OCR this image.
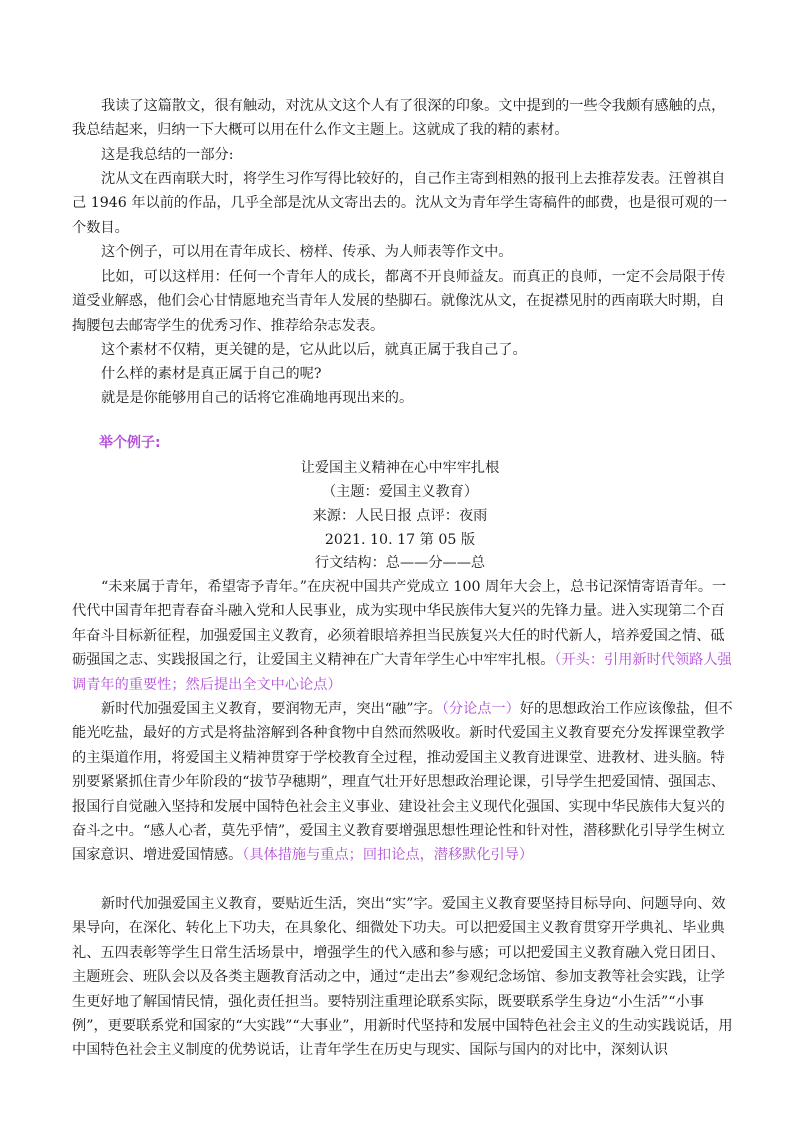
我读了这篇散文，很有触动，对沈从文这个人有了很深的印象。文中提到的一些令我颇有感触的点，我总结起来，归纳一下大概可以用在什么作文主题上。这就成了我的精的素材。

这是我总结的一部分:

沈从文在西南联大时，将学生习作写得比较好的，自己作主寄到相熟的报刊上去推荐发表。汪曾祺自己 1946 年以前的作品，几乎全部是沈从文寄出去的。沈从文为青年学生寄稿件的邮费，也是很可观的一个数目。

这个例子，可以用在青年成长、榜样、传承、为人师表等作文中。

比如，可以这样用：任何一个青年人的成长，都离不开良师益友。而真正的良师，一定不会局限于传道受业解惑，他们会心甘情愿地充当青年人发展的垫脚石。就像沈从文，在捉襟见肘的西南联大时期，自掏腰包去邮寄学生的优秀习作、推荐给杂志发表。

这个素材不仅精，更关键的是，它从此以后，就真正属于我自己了。

什么样的素材是真正属于自己的呢?

就是是你能够用自己的话将它准确地再现出来的。

举个例子:
让爱国主义精神在心中牢牢扎根
（主题：爱国主义教育）
来源：人民日报 点评：夜雨
2021. 10. 17 第 05 版
行文结构：总——分——总

“未来属于青年，希望寄予青年。”在庆祝中国共产党成立 100 周年大会上，总书记深情寄语青年。一代代中国青年把青春奋斗融入党和人民事业，成为实现中华民族伟大复兴的先锋力量。进入实现第二个百年奋斗目标新征程，加强爱国主义教育，必须着眼培养担当民族复兴大任的时代新人，培养爱国之情、砥砺强国之志、实践报国之行，让爱国主义精神在广大青年学生心中牢牢扎根。（开头：引用新时代领路人强调青年的重要性；然后提出全文中心论点）

新时代加强爱国主义教育，要润物无声，突出“融”字。（分论点一）好的思想政治工作应该像盐，但不能光吃盐，最好的方式是将盐溶解到各种食物中自然而然吸收。新时代爱国主义教育要充分发挥课堂教学的主渠道作用，将爱国主义精神贯穿于学校教育全过程，推动爱国主义教育进课堂、进教材、进头脑。特别要紧紧抓住青少年阶段的“拔节孕穗期”，理直气壮开好思想政治理论课，引导学生把爱国情、强国志、报国行自觉融入坚持和发展中国特色社会主义事业、建设社会主义现代化强国、实现中华民族伟大复兴的奋斗之中。“感人心者，莫先乎情”，爱国主义教育要增强思想性理论性和针对性，潜移默化引导学生树立国家意识、增进爱国情感。（具体措施与重点；回扣论点，潜移默化引导）

新时代加强爱国主义教育，要贴近生活，突出“实”字。爱国主义教育要坚持目标导向、问题导向、效果导向，在深化、转化上下功夫，在具象化、细微处下功夫。可以把爱国主义教育贯穿开学典礼、毕业典礼、五四表彰等学生日常生活场景中，增强学生的代入感和参与感；可以把爱国主义教育融入党日团日、主题班会、班队会以及各类主题教育活动之中，通过“走出去”参观纪念场馆、参加支教等社会实践，让学生更好地了解国情民情，强化责任担当。要特别注重理论联系实际，既要联系学生身边“小生活”“小事例”，更要联系党和国家的“大实践”“大事业”，用新时代坚持和发展中国特色社会主义的生动实践说话，用中国特色社会主义制度的优势说话，让青年学生在历史与现实、国际与国内的对比中，深刻认识
